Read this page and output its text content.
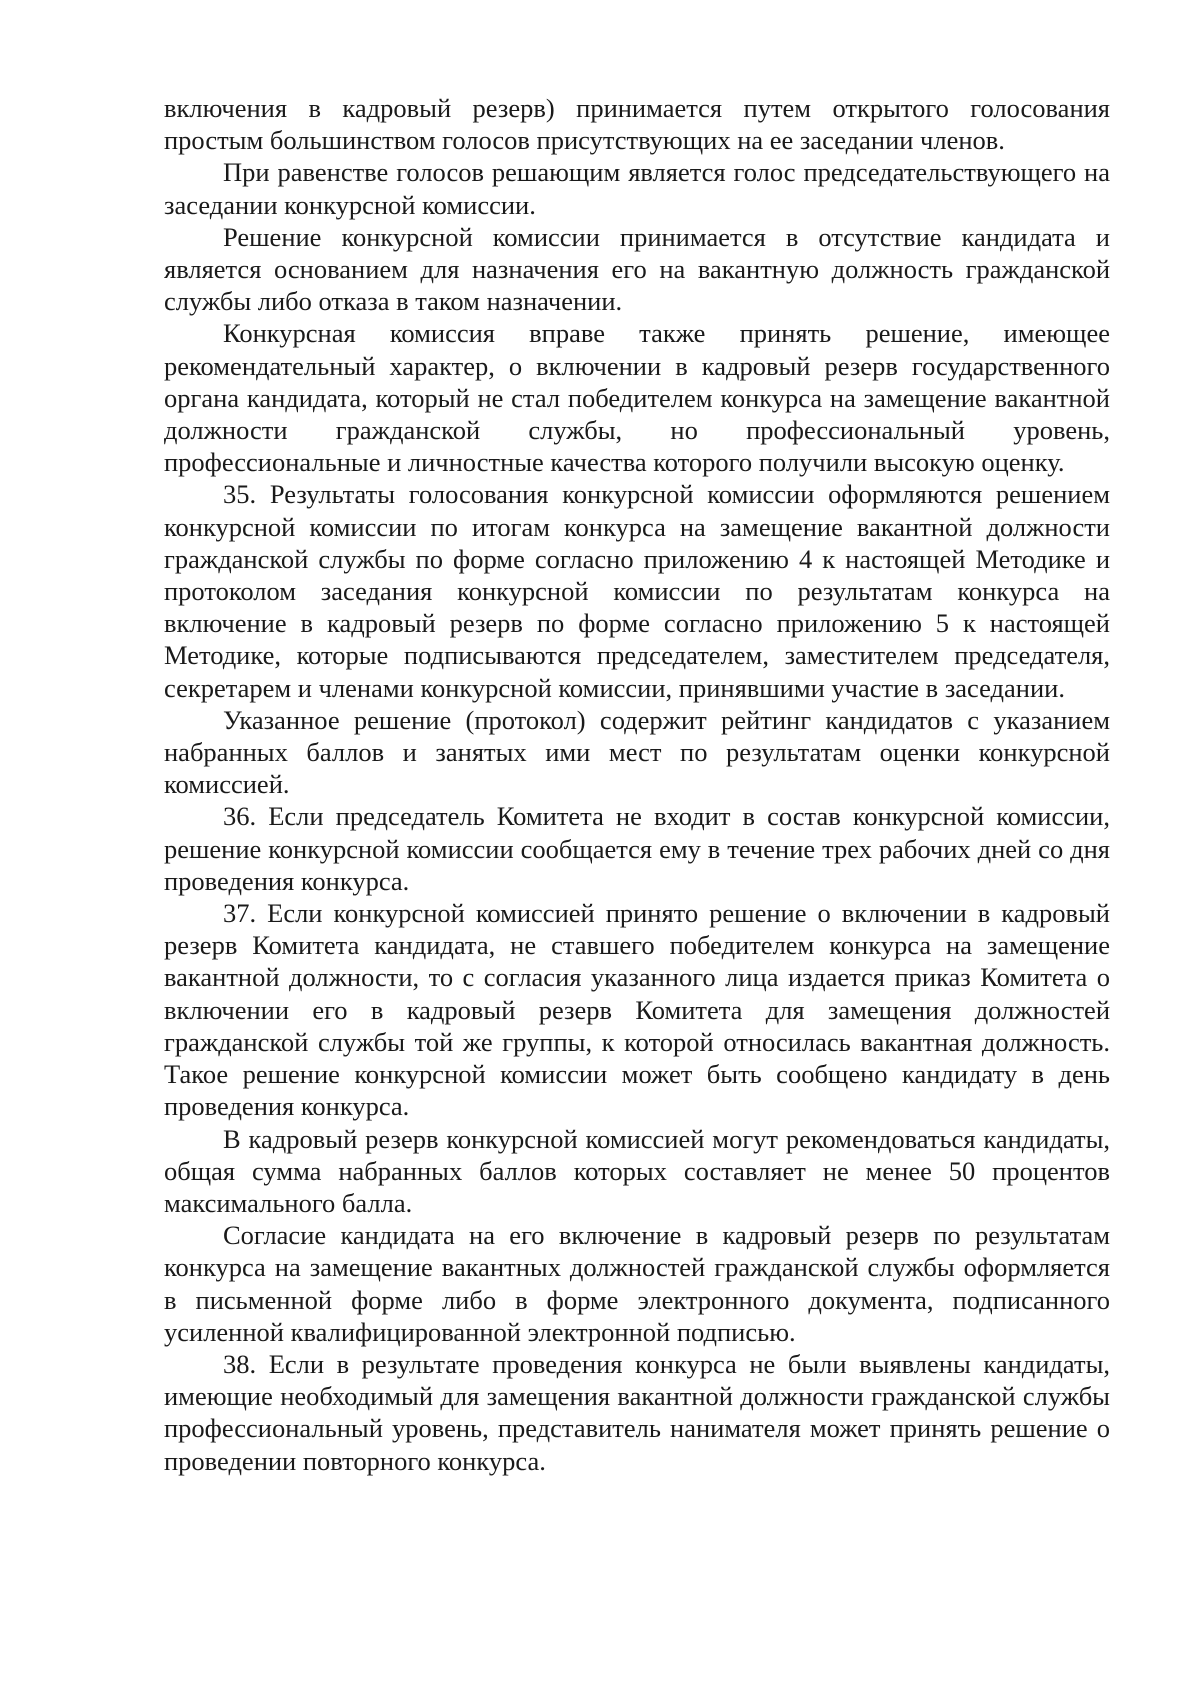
включения в кадровый резерв) принимается путем открытого голосования простым большинством голосов присутствующих на ее заседании членов.

При равенстве голосов решающим является голос председательствующего на заседании конкурсной комиссии.

Решение конкурсной комиссии принимается в отсутствие кандидата и является основанием для назначения его на вакантную должность гражданской службы либо отказа в таком назначении.

Конкурсная комиссия вправе также принять решение, имеющее рекомендательный характер, о включении в кадровый резерв государственного органа кандидата, который не стал победителем конкурса на замещение вакантной должности гражданской службы, но профессиональный уровень, профессиональные и личностные качества которого получили высокую оценку.

35. Результаты голосования конкурсной комиссии оформляются решением конкурсной комиссии по итогам конкурса на замещение вакантной должности гражданской службы по форме согласно приложению 4 к настоящей Методике и протоколом заседания конкурсной комиссии по результатам конкурса на включение в кадровый резерв по форме согласно приложению 5 к настоящей Методике, которые подписываются председателем, заместителем председателя, секретарем и членами конкурсной комиссии, принявшими участие в заседании.

Указанное решение (протокол) содержит рейтинг кандидатов с указанием набранных баллов и занятых ими мест по результатам оценки конкурсной комиссией.

36. Если председатель Комитета не входит в состав конкурсной комиссии, решение конкурсной комиссии сообщается ему в течение трех рабочих дней со дня проведения конкурса.

37. Если конкурсной комиссией принято решение о включении в кадровый резерв Комитета кандидата, не ставшего победителем конкурса на замещение вакантной должности, то с согласия указанного лица издается приказ Комитета о включении его в кадровый резерв Комитета для замещения должностей гражданской службы той же группы, к которой относилась вакантная должность. Такое решение конкурсной комиссии может быть сообщено кандидату в день проведения конкурса.

В кадровый резерв конкурсной комиссией могут рекомендоваться кандидаты, общая сумма набранных баллов которых составляет не менее 50 процентов максимального балла.

Согласие кандидата на его включение в кадровый резерв по результатам конкурса на замещение вакантных должностей гражданской службы оформляется в письменной форме либо в форме электронного документа, подписанного усиленной квалифицированной электронной подписью.

38. Если в результате проведения конкурса не были выявлены кандидаты, имеющие необходимый для замещения вакантной должности гражданской службы профессиональный уровень, представитель нанимателя может принять решение о проведении повторного конкурса.
